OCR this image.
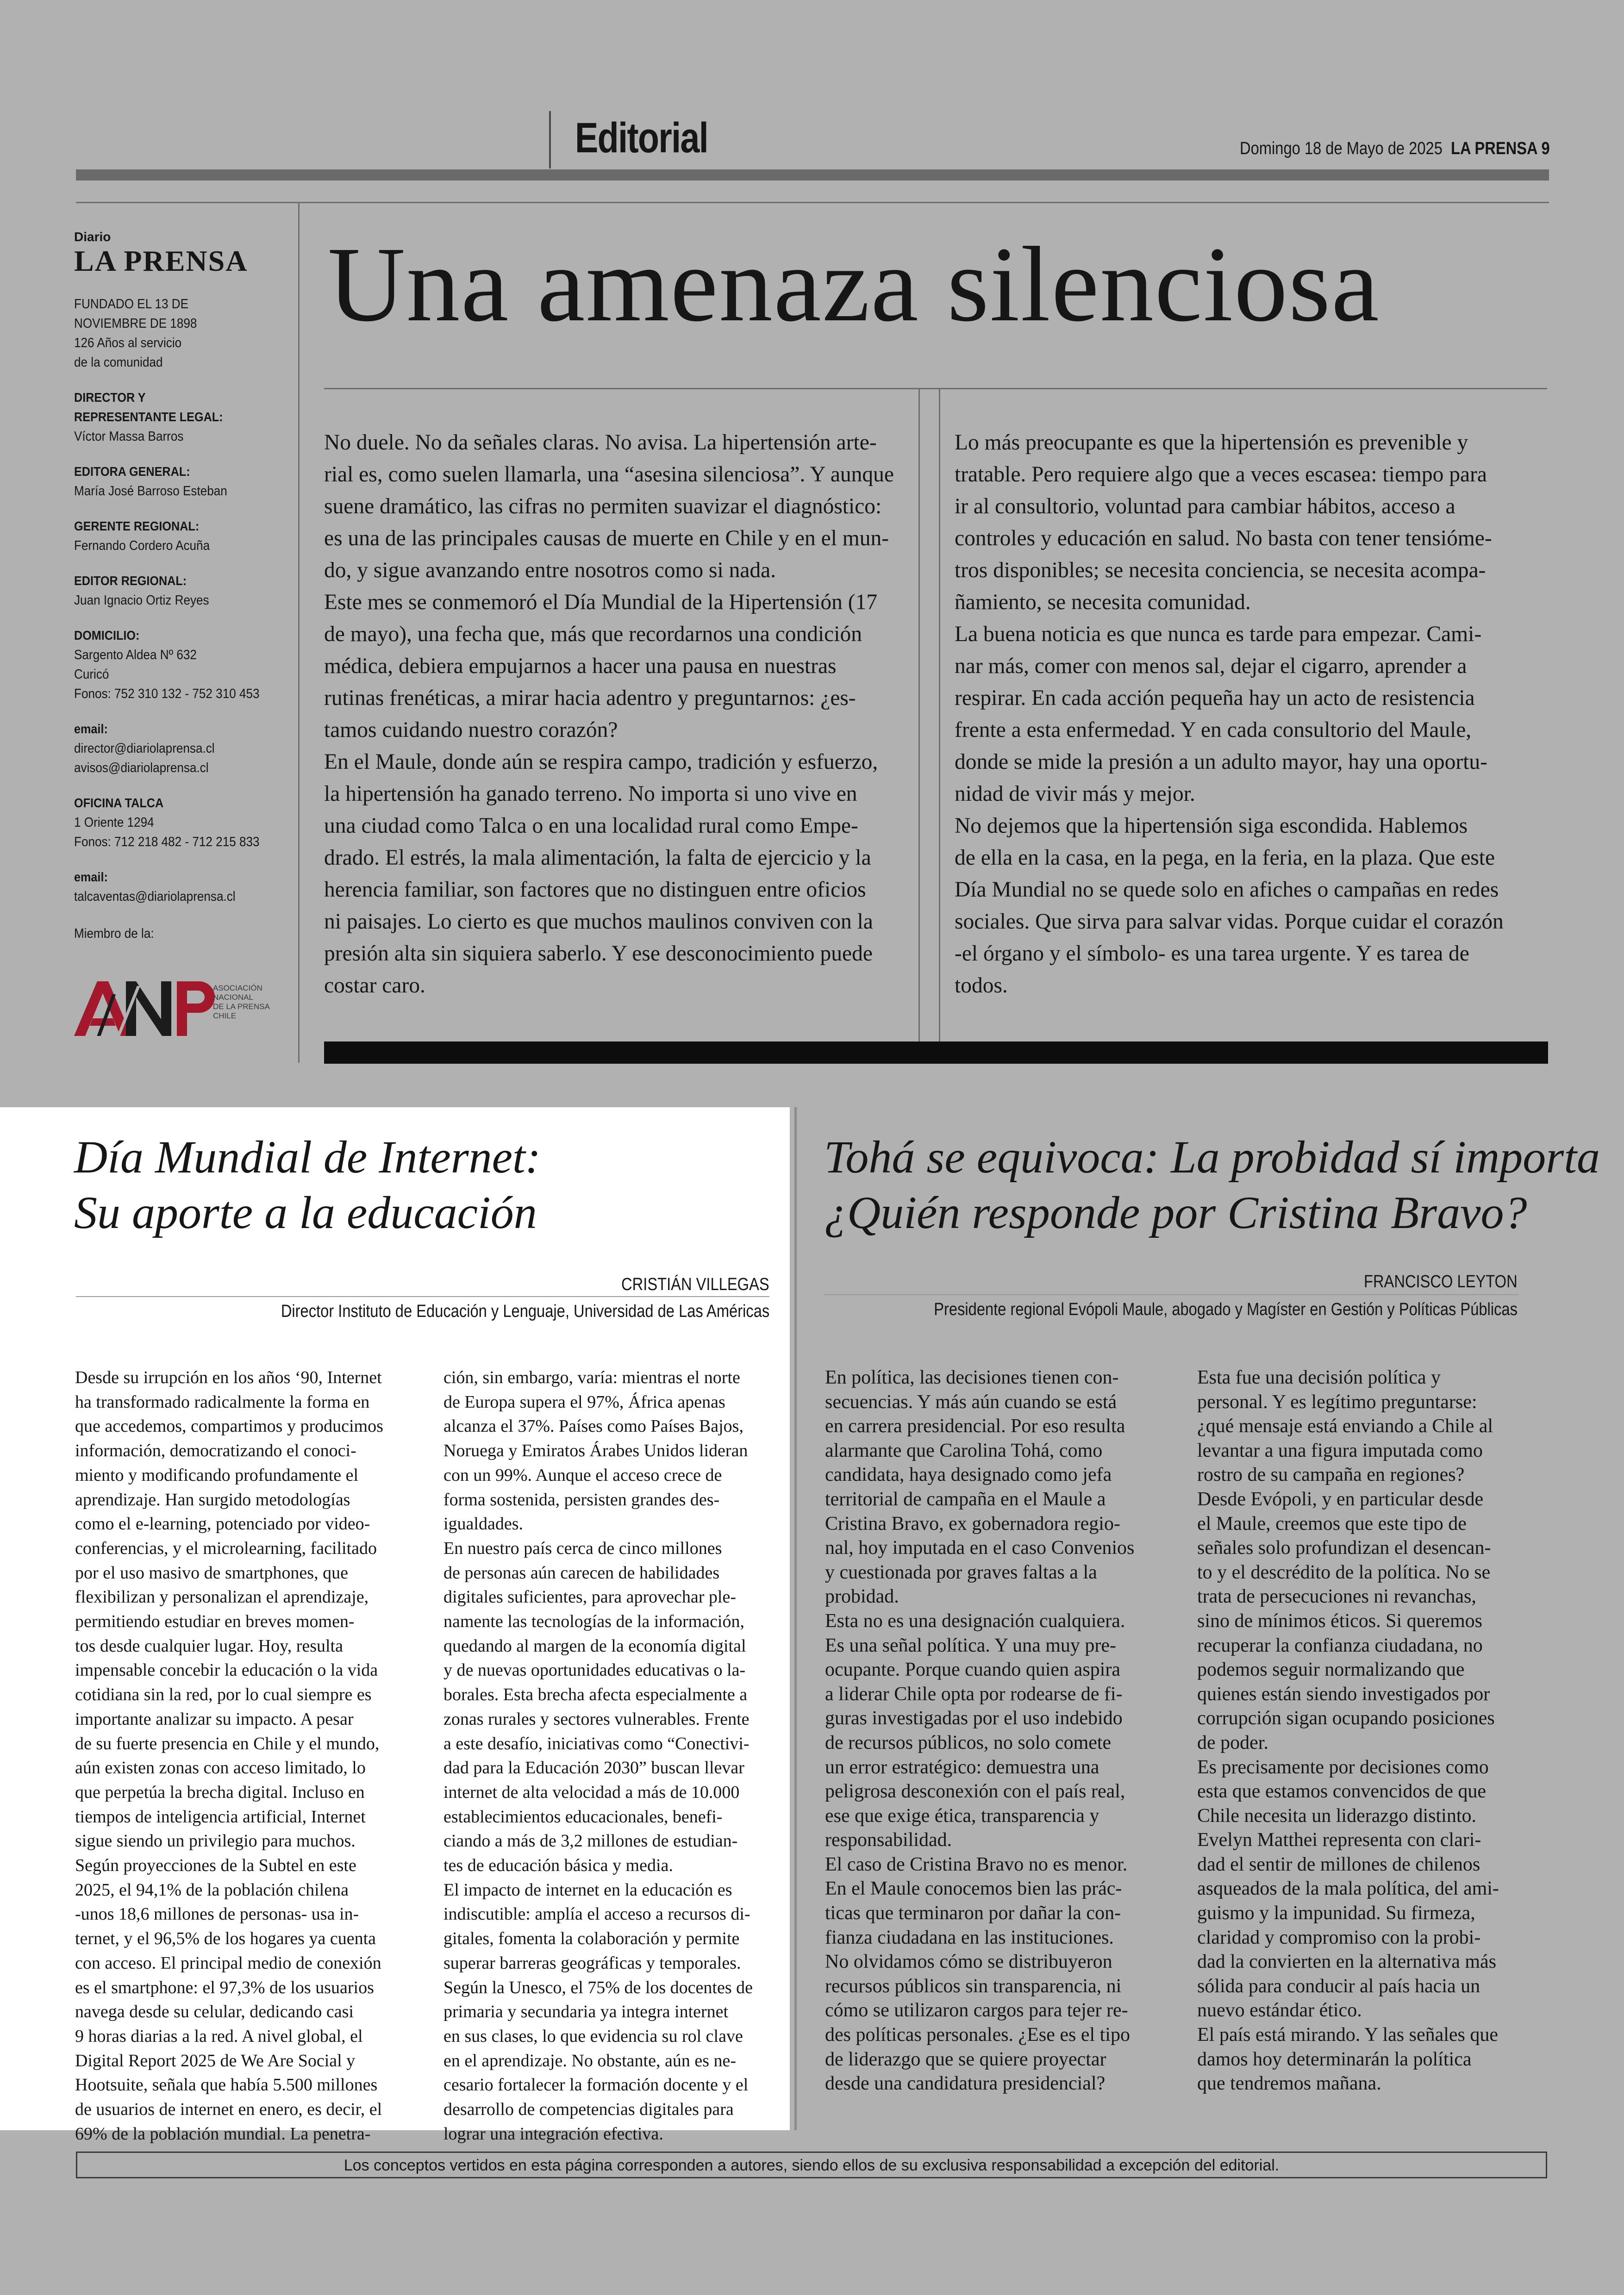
Editorial	Domingo 18 de Mayo de 2025 LA PRENSA 9
Diario
LA PRENSA
FUNDADO EL 13 DE
NOVIEMBRE DE 1898
126 Años al servicio
de la comunidad
DIRECTOR Y
REPRESENTANTE LEGAL:
Víctor Massa Barros
EDITORA GENERAL:
María José Barroso Esteban
GERENTE REGIONAL:
Fernando Cordero Acuña
EDITOR REGIONAL:
Juan Ignacio Ortiz Reyes
DOMICILIO:
Sargento Aldea Nº 632
Curicó
Fonos: 752 310 132 - 752 310 453
email:
director@diariolaprensa.cl
avisos@diariolaprensa.cl
OFICINA TALCA
1 Oriente 1294
Fonos: 712 218 482 - 712 215 833
email:
talcaventas@diariolaprensa.cl
Miembro de la:
ASOCIACIÓN
NACIONAL
DE LA PRENSA
CHILE
Una amenaza silenciosa
No duele. No da señales claras. No avisa. La hipertensión arte-
rial es, como suelen llamarla, una “asesina silenciosa”. Y aunque
suene dramático, las cifras no permiten suavizar el diagnóstico:
es una de las principales causas de muerte en Chile y en el mun-
do, y sigue avanzando entre nosotros como si nada.
Este mes se conmemoró el Día Mundial de la Hipertensión (17
de mayo), una fecha que, más que recordarnos una condición
médica, debiera empujarnos a hacer una pausa en nuestras
rutinas frenéticas, a mirar hacia adentro y preguntarnos: ¿es-
tamos cuidando nuestro corazón?
En el Maule, donde aún se respira campo, tradición y esfuerzo,
la hipertensión ha ganado terreno. No importa si uno vive en
una ciudad como Talca o en una localidad rural como Empe-
drado. El estrés, la mala alimentación, la falta de ejercicio y la
herencia familiar, son factores que no distinguen entre oficios
ni paisajes. Lo cierto es que muchos maulinos conviven con la
presión alta sin siquiera saberlo. Y ese desconocimiento puede
costar caro.
Lo más preocupante es que la hipertensión es prevenible y
tratable. Pero requiere algo que a veces escasea: tiempo para
ir al consultorio, voluntad para cambiar hábitos, acceso a
controles y educación en salud. No basta con tener tensióme-
tros disponibles; se necesita conciencia, se necesita acompa-
ñamiento, se necesita comunidad.
La buena noticia es que nunca es tarde para empezar. Cami-
nar más, comer con menos sal, dejar el cigarro, aprender a
respirar. En cada acción pequeña hay un acto de resistencia
frente a esta enfermedad. Y en cada consultorio del Maule,
donde se mide la presión a un adulto mayor, hay una oportu-
nidad de vivir más y mejor.
No dejemos que la hipertensión siga escondida. Hablemos
de ella en la casa, en la pega, en la feria, en la plaza. Que este
Día Mundial no se quede solo en afiches o campañas en redes
sociales. Que sirva para salvar vidas. Porque cuidar el corazón
-el órgano y el símbolo- es una tarea urgente. Y es tarea de
todos.
Día Mundial de Internet:
Su aporte a la educación
CRISTIÁN VILLEGAS
Director Instituto de Educación y Lenguaje, Universidad de Las Américas
Desde su irrupción en los años ‘90, Internet
ha transformado radicalmente la forma en
que accedemos, compartimos y producimos
información, democratizando el conoci-
miento y modificando profundamente el
aprendizaje. Han surgido metodologías
como el e-learning, potenciado por video-
conferencias, y el microlearning, facilitado
por el uso masivo de smartphones, que
flexibilizan y personalizan el aprendizaje,
permitiendo estudiar en breves momen-
tos desde cualquier lugar. Hoy, resulta
impensable concebir la educación o la vida
cotidiana sin la red, por lo cual siempre es
importante analizar su impacto. A pesar
de su fuerte presencia en Chile y el mundo,
aún existen zonas con acceso limitado, lo
que perpetúa la brecha digital. Incluso en
tiempos de inteligencia artificial, Internet
sigue siendo un privilegio para muchos.
Según proyecciones de la Subtel en este
2025, el 94,1% de la población chilena
-unos 18,6 millones de personas- usa in-
ternet, y el 96,5% de los hogares ya cuenta
con acceso. El principal medio de conexión
es el smartphone: el 97,3% de los usuarios
navega desde su celular, dedicando casi
9 horas diarias a la red. A nivel global, el
Digital Report 2025 de We Are Social y
Hootsuite, señala que había 5.500 millones
de usuarios de internet en enero, es decir, el
69% de la población mundial. La penetra-
ción, sin embargo, varía: mientras el norte
de Europa supera el 97%, África apenas
alcanza el 37%. Países como Países Bajos,
Noruega y Emiratos Árabes Unidos lideran
con un 99%. Aunque el acceso crece de
forma sostenida, persisten grandes des-
igualdades.
En nuestro país cerca de cinco millones
de personas aún carecen de habilidades
digitales suficientes, para aprovechar ple-
namente las tecnologías de la información,
quedando al margen de la economía digital
y de nuevas oportunidades educativas o la-
borales. Esta brecha afecta especialmente a
zonas rurales y sectores vulnerables. Frente
a este desafío, iniciativas como “Conectivi-
dad para la Educación 2030” buscan llevar
internet de alta velocidad a más de 10.000
establecimientos educacionales, benefi-
ciando a más de 3,2 millones de estudian-
tes de educación básica y media.
El impacto de internet en la educación es
indiscutible: amplía el acceso a recursos di-
gitales, fomenta la colaboración y permite
superar barreras geográficas y temporales.
Según la Unesco, el 75% de los docentes de
primaria y secundaria ya integra internet
en sus clases, lo que evidencia su rol clave
en el aprendizaje. No obstante, aún es ne-
cesario fortalecer la formación docente y el
desarrollo de competencias digitales para
lograr una integración efectiva.
Tohá se equivoca: La probidad sí importa
¿Quién responde por Cristina Bravo?
FRANCISCO LEYTON
Presidente regional Evópoli Maule, abogado y Magíster en Gestión y Políticas Públicas
En política, las decisiones tienen con-
secuencias. Y más aún cuando se está
en carrera presidencial. Por eso resulta
alarmante que Carolina Tohá, como
candidata, haya designado como jefa
territorial de campaña en el Maule a
Cristina Bravo, ex gobernadora regio-
nal, hoy imputada en el caso Convenios
y cuestionada por graves faltas a la
probidad.
Esta no es una designación cualquiera.
Es una señal política. Y una muy pre-
ocupante. Porque cuando quien aspira
a liderar Chile opta por rodearse de fi-
guras investigadas por el uso indebido
de recursos públicos, no solo comete
un error estratégico: demuestra una
peligrosa desconexión con el país real,
ese que exige ética, transparencia y
responsabilidad.
El caso de Cristina Bravo no es menor.
En el Maule conocemos bien las prác-
ticas que terminaron por dañar la con-
fianza ciudadana en las instituciones.
No olvidamos cómo se distribuyeron
recursos públicos sin transparencia, ni
cómo se utilizaron cargos para tejer re-
des políticas personales. ¿Ese es el tipo
de liderazgo que se quiere proyectar
desde una candidatura presidencial?
Esta fue una decisión política y
personal. Y es legítimo preguntarse:
¿qué mensaje está enviando a Chile al
levantar a una figura imputada como
rostro de su campaña en regiones?
Desde Evópoli, y en particular desde
el Maule, creemos que este tipo de
señales solo profundizan el desencan-
to y el descrédito de la política. No se
trata de persecuciones ni revanchas,
sino de mínimos éticos. Si queremos
recuperar la confianza ciudadana, no
podemos seguir normalizando que
quienes están siendo investigados por
corrupción sigan ocupando posiciones
de poder.
Es precisamente por decisiones como
esta que estamos convencidos de que
Chile necesita un liderazgo distinto.
Evelyn Matthei representa con clari-
dad el sentir de millones de chilenos
asqueados de la mala política, del ami-
guismo y la impunidad. Su firmeza,
claridad y compromiso con la probi-
dad la convierten en la alternativa más
sólida para conducir al país hacia un
nuevo estándar ético.
El país está mirando. Y las señales que
damos hoy determinarán la política
que tendremos mañana.
Los conceptos vertidos en esta página corresponden a autores, siendo ellos de su exclusiva responsabilidad a excepción del editorial.
